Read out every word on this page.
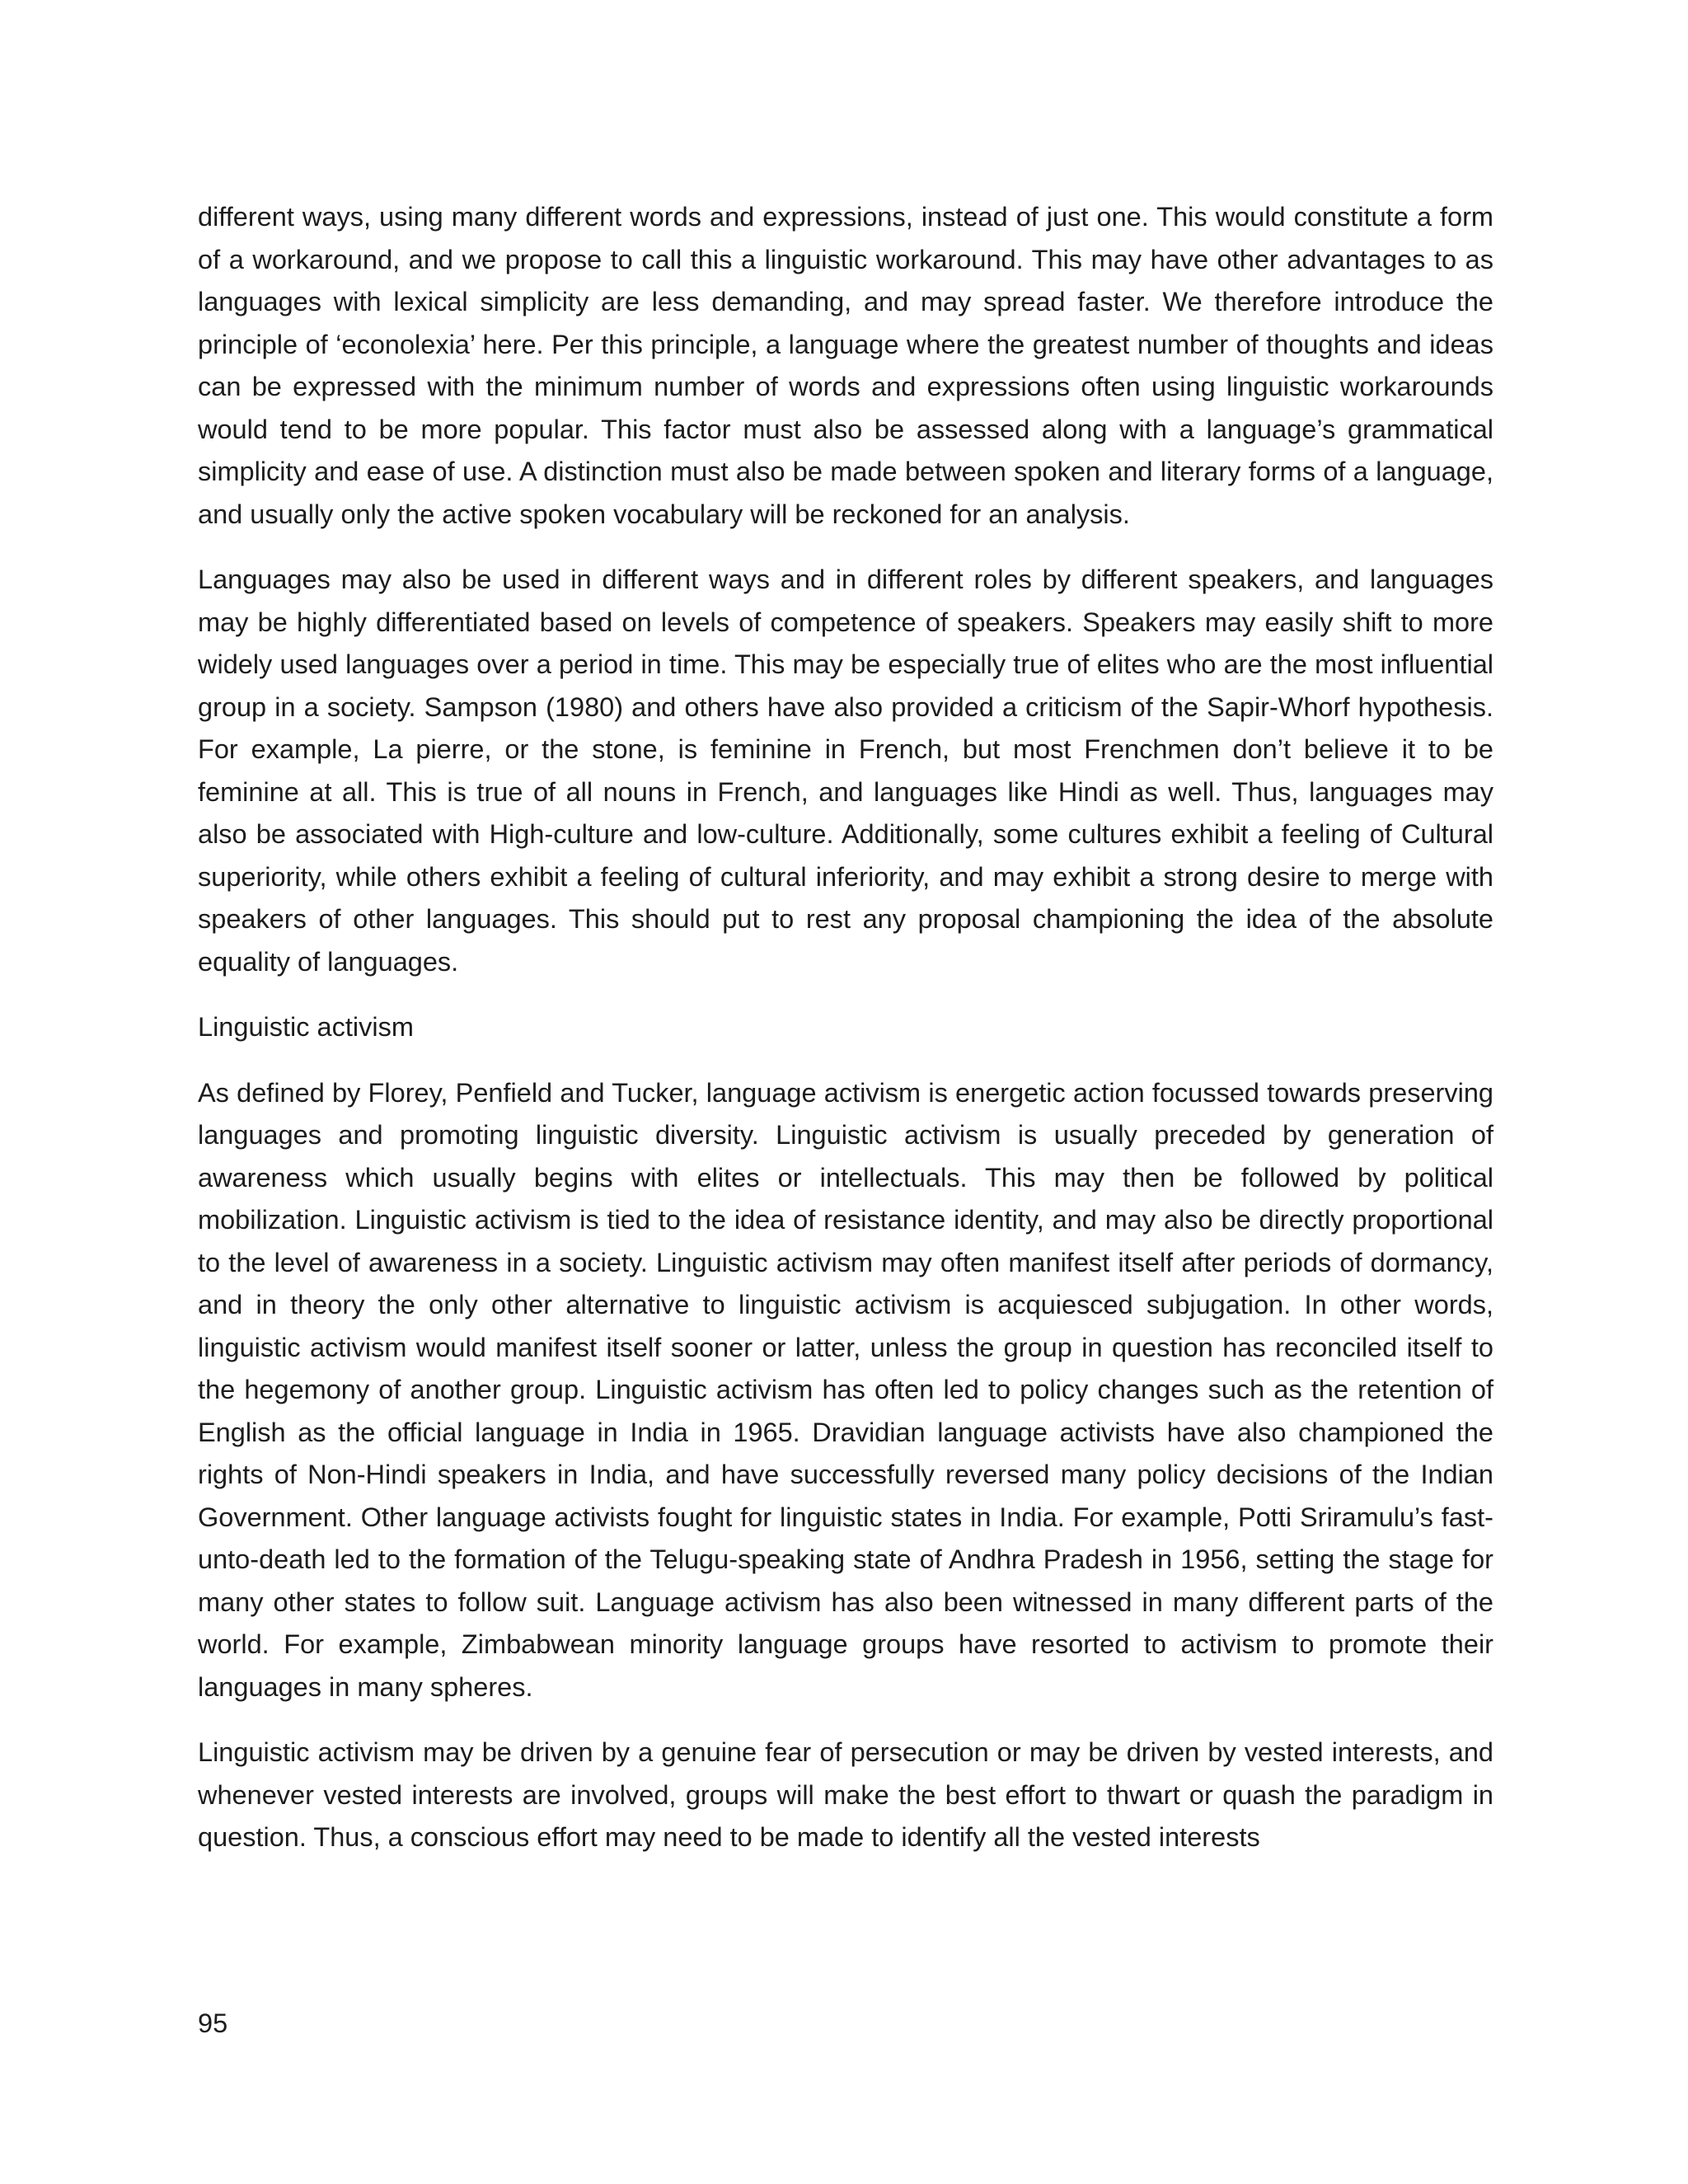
different ways, using many different words and expressions, instead of just one. This would constitute a form of a workaround, and we propose to call this a linguistic workaround. This may have other advantages to as languages with lexical simplicity are less demanding, and may spread faster. We therefore introduce the principle of ‘econolexia’ here. Per this principle, a language where the greatest number of thoughts and ideas can be expressed with the minimum number of words and expressions often using linguistic workarounds would tend to be more popular. This factor must also be assessed along with a language’s grammatical simplicity and ease of use. A distinction must also be made between spoken and literary forms of a language, and usually only the active spoken vocabulary will be reckoned for an analysis.

Languages may also be used in different ways and in different roles by different speakers, and languages may be highly differentiated based on levels of competence of speakers. Speakers may easily shift to more widely used languages over a period in time. This may be especially true of elites who are the most influential group in a society. Sampson (1980) and others have also provided a criticism of the Sapir-Whorf hypothesis. For example, La pierre, or the stone, is feminine in French, but most Frenchmen don’t believe it to be feminine at all. This is true of all nouns in French, and languages like Hindi as well. Thus, languages may also be associated with High-culture and low-culture. Additionally, some cultures exhibit a feeling of Cultural superiority, while others exhibit a feeling of cultural inferiority, and may exhibit a strong desire to merge with speakers of other languages. This should put to rest any proposal championing the idea of the absolute equality of languages.

Linguistic activism

As defined by Florey, Penfield and Tucker, language activism is energetic action focussed towards preserving languages and promoting linguistic diversity. Linguistic activism is usually preceded by generation of awareness which usually begins with elites or intellectuals. This may then be followed by political mobilization. Linguistic activism is tied to the idea of resistance identity, and may also be directly proportional to the level of awareness in a society. Linguistic activism may often manifest itself after periods of dormancy, and in theory the only other alternative to linguistic activism is acquiesced subjugation. In other words, linguistic activism would manifest itself sooner or latter, unless the group in question has reconciled itself to the hegemony of another group. Linguistic activism has often led to policy changes such as the retention of English as the official language in India in 1965. Dravidian language activists have also championed the rights of Non-Hindi speakers in India, and have successfully reversed many policy decisions of the Indian Government. Other language activists fought for linguistic states in India. For example, Potti Sriramulu’s fast-unto-death led to the formation of the Telugu-speaking state of Andhra Pradesh in 1956, setting the stage for many other states to follow suit. Language activism has also been witnessed in many different parts of the world. For example, Zimbabwean minority language groups have resorted to activism to promote their languages in many spheres.

Linguistic activism may be driven by a genuine fear of persecution or may be driven by vested interests, and whenever vested interests are involved, groups will make the best effort to thwart or quash the paradigm in question. Thus, a conscious effort may need to be made to identify all the vested interests

95
